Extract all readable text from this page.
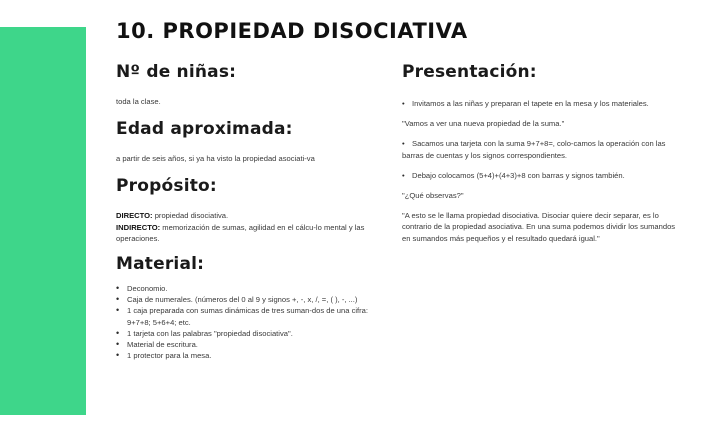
10. PROPIEDAD DISOCIATIVA
Nº de niñas:

toda la clase.

Edad aproximada:

a partir de seis años, si ya ha visto la propiedad asociati-va

Propósito:

DIRECTO: propiedad disociativa.

INDIRECTO: memorización de sumas, agilidad en el cálcu-lo mental y las operaciones.

Material:
• Deconomio.
• Caja de numerales. (números del 0 al 9 y signos +, -, x, /, =, ( ), -, ...)
• 1 caja preparada con sumas dinámicas de tres suman-dos de una cifra: 9+7+8; 5+6+4; etc.
• 1 tarjeta con las palabras "propiedad disociativa".
• Material de escritura.
• 1 protector para la mesa.
Presentación:

• Invitamos a las niñas y preparan el tapete en la mesa y los materiales.

"Vamos a ver una nueva propiedad de la suma."

• Sacamos una tarjeta con la suma 9+7+8=, colo-camos la operación con las barras de cuentas y los signos correspondientes.

• Debajo colocamos (5+4)+(4+3)+8 con barras y signos también.

"¿Qué observas?"

"A esto se le llama propiedad disociativa. Disociar quiere decir separar, es lo contrario de la propiedad asociativa. En una suma podemos dividir los sumandos en sumandos más pequeños y el resultado quedará igual."
